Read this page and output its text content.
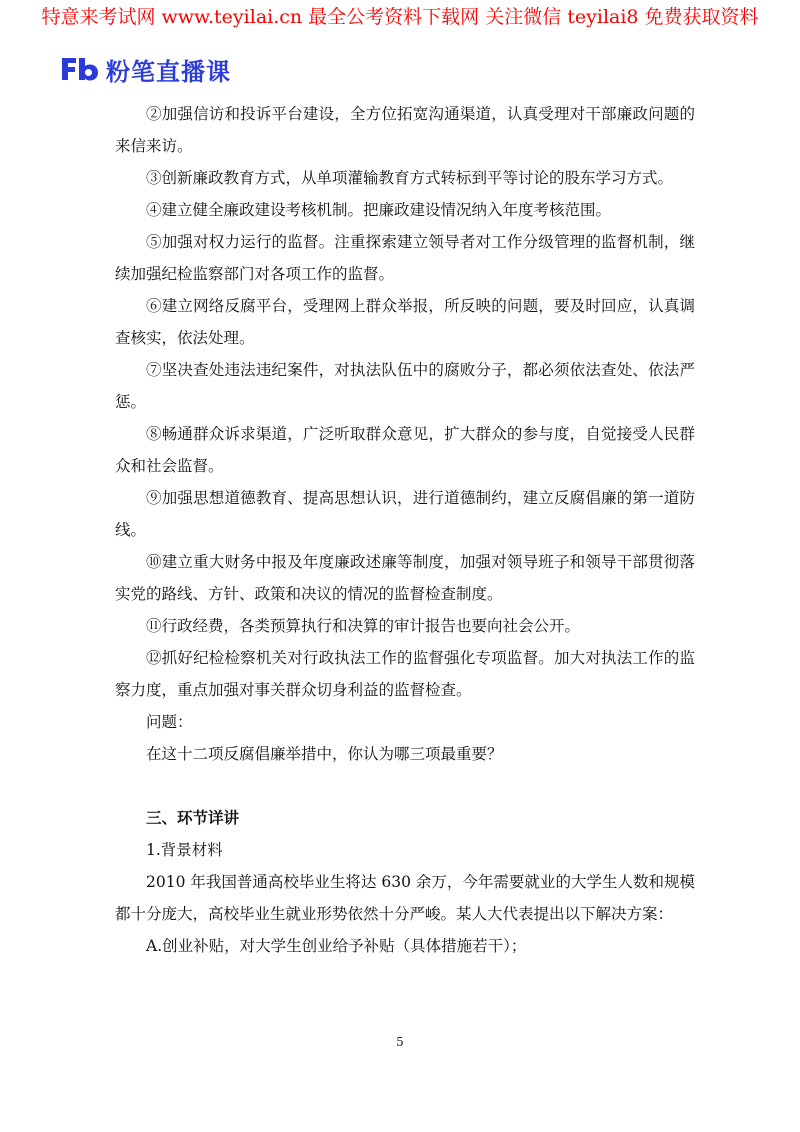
特意来考试网 www.teyilai.cn 最全公考资料下载网 关注微信 teyilai8 免费获取资料
粉笔直播课

②加强信访和投诉平台建设，全方位拓宽沟通渠道，认真受理对干部廉政问题的来信来访。

③创新廉政教育方式，从单项灌输教育方式转标到平等讨论的股东学习方式。

④建立健全廉政建设考核机制。把廉政建设情况纳入年度考核范围。

⑤加强对权力运行的监督。注重探索建立领导者对工作分级管理的监督机制，继续加强纪检监察部门对各项工作的监督。

⑥建立网络反腐平台，受理网上群众举报，所反映的问题，要及时回应，认真调查核实，依法处理。

⑦坚决查处违法违纪案件，对执法队伍中的腐败分子，都必须依法查处、依法严惩。

⑧畅通群众诉求渠道，广泛听取群众意见，扩大群众的参与度，自觉接受人民群众和社会监督。

⑨加强思想道德教育、提高思想认识，进行道德制约，建立反腐倡廉的第一道防线。

⑩建立重大财务中报及年度廉政述廉等制度，加强对领导班子和领导干部贯彻落实党的路线、方针、政策和决议的情况的监督检查制度。

⑪行政经费，各类预算执行和决算的审计报告也要向社会公开。

⑫抓好纪检检察机关对行政执法工作的监督强化专项监督。加大对执法工作的监察力度，重点加强对事关群众切身利益的监督检查。

问题：

在这十二项反腐倡廉举措中，你认为哪三项最重要？

三、环节详讲

1.背景材料

2010 年我国普通高校毕业生将达 630 余万，今年需要就业的大学生人数和规模都十分庞大，高校毕业生就业形势依然十分严峻。某人大代表提出以下解决方案：

A.创业补贴，对大学生创业给予补贴（具体措施若干）；

5
